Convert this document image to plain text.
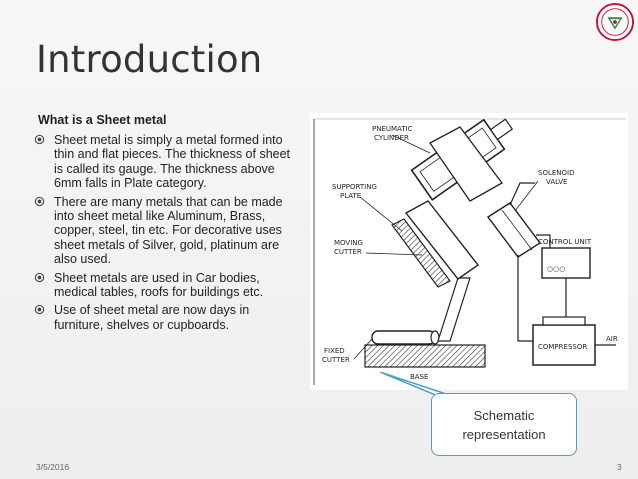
Introduction
What is a Sheet metal
Sheet metal is simply a metal formed into thin and flat pieces. The thickness of sheet is called its gauge. The thickness above 6mm falls in Plate category.
There are many metals that can be made into sheet metal like Aluminum, Brass, copper, steel, tin etc. For decorative uses sheet metals of Silver, gold, platinum are also used.
Sheet metals are used in Car bodies, medical tables, roofs for buildings etc.
Use of sheet metal are now days in furniture, shelves or cupboards.
○○○
PNEUMATIC
CYLINDER
SUPPORTING
PLATE
SOLENOID
VALVE
MOVING
CUTTER
CONTROL UNIT
COMPRESSOR
AIR
FIXED
CUTTER
BASE
Schematic
representation
3/5/2016	3
